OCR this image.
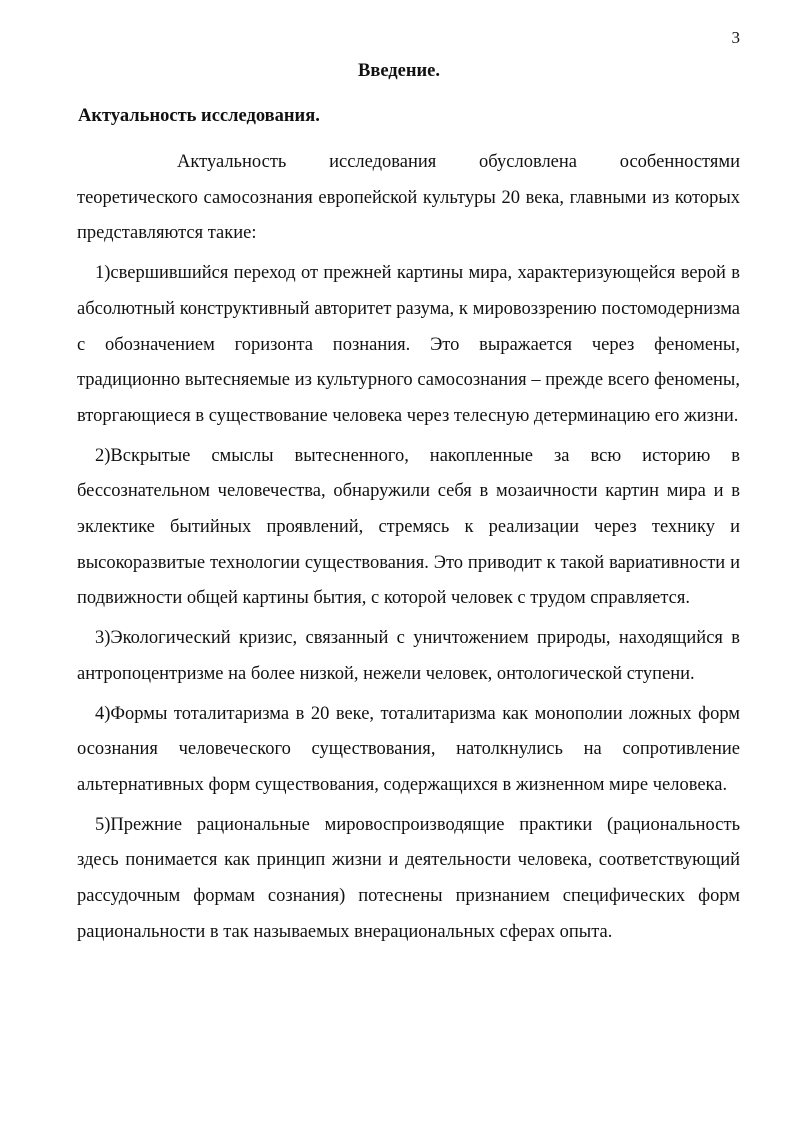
3
Введение.
Актуальность исследования.

Актуальность исследования обусловлена особенностями теоретического самосознания европейской культуры 20 века, главными из которых представляются такие:

1)свершившийся переход от прежней картины мира, характеризующейся верой в абсолютный конструктивный авторитет разума, к мировоззрению постомодернизма с обозначением горизонта познания. Это выражается через феномены, традиционно вытесняемые из культурного самосознания – прежде всего феномены, вторгающиеся в существование человека через телесную детерминацию его жизни.

2)Вскрытые смыслы вытесненного, накопленные за всю историю в бессознательном человечества, обнаружили себя в мозаичности картин мира и в эклектике бытийных проявлений, стремясь к реализации через технику и высокоразвитые технологии существования. Это приводит к такой вариативности и подвижности общей картины бытия, с которой человек с трудом справляется.

3)Экологический кризис, связанный с уничтожением природы, находящийся в антропоцентризме на более низкой, нежели человек, онтологической ступени.

4)Формы тоталитаризма в 20 веке, тоталитаризма как монополии ложных форм осознания человеческого существования, натолкнулись на сопротивление альтернативных форм существования, содержащихся в жизненном мире человека.

5)Прежние рациональные мировоспроизводящие практики (рациональность здесь понимается как принцип жизни и деятельности человека, соответствующий рассудочным формам сознания) потеснены признанием специфических форм рациональности в так называемых внерациональных сферах опыта.
